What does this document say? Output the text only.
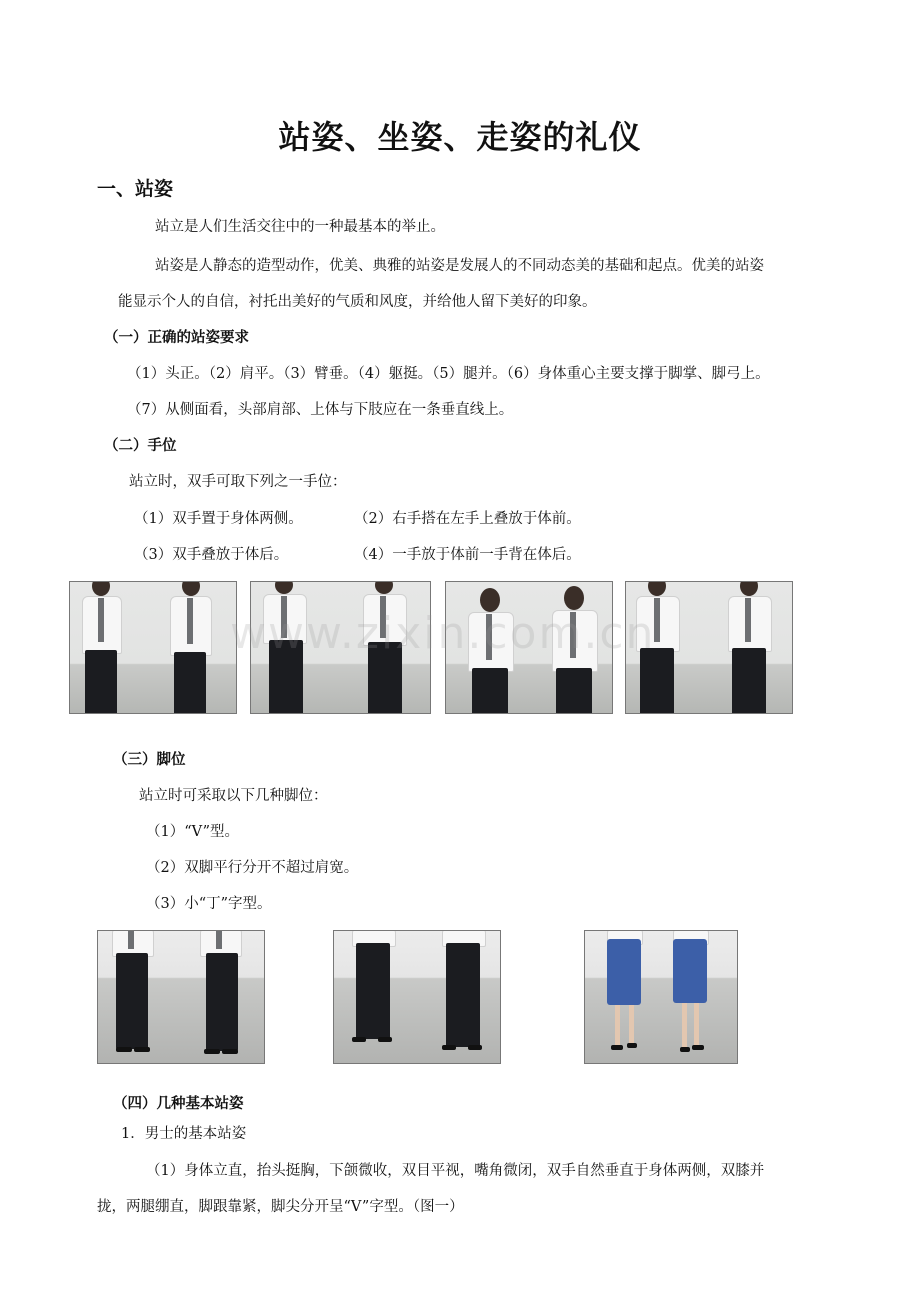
站姿、坐姿、走姿的礼仪
一、站姿
站立是人们生活交往中的一种最基本的举止。
站姿是人静态的造型动作，优美、典雅的站姿是发展人的不同动态美的基础和起点。优美的站姿
能显示个人的自信，衬托出美好的气质和风度，并给他人留下美好的印象。
（一）正确的站姿要求
（1）头正。（2）肩平。（3）臂垂。（4）躯挺。（5）腿并。（6）身体重心主要支撑于脚掌、脚弓上。
（7）从侧面看，头部肩部、上体与下肢应在一条垂直线上。
（二）手位
站立时，双手可取下列之一手位：
（1）双手置于身体两侧。	（2）右手搭在左手上叠放于体前。
（3）双手叠放于体后。	（4）一手放于体前一手背在体后。
www.zixin.com.cn
（三）脚位
站立时可采取以下几种脚位：
（1）“V”型。
（2）双脚平行分开不超过肩宽。
（3）小“丁”字型。
（四）几种基本站姿
1．男士的基本站姿
（1）身体立直，抬头挺胸，下颌微收，双目平视，嘴角微闭，双手自然垂直于身体两侧，双膝并
拢，两腿绷直，脚跟靠紧，脚尖分开呈“V”字型。（图一）
